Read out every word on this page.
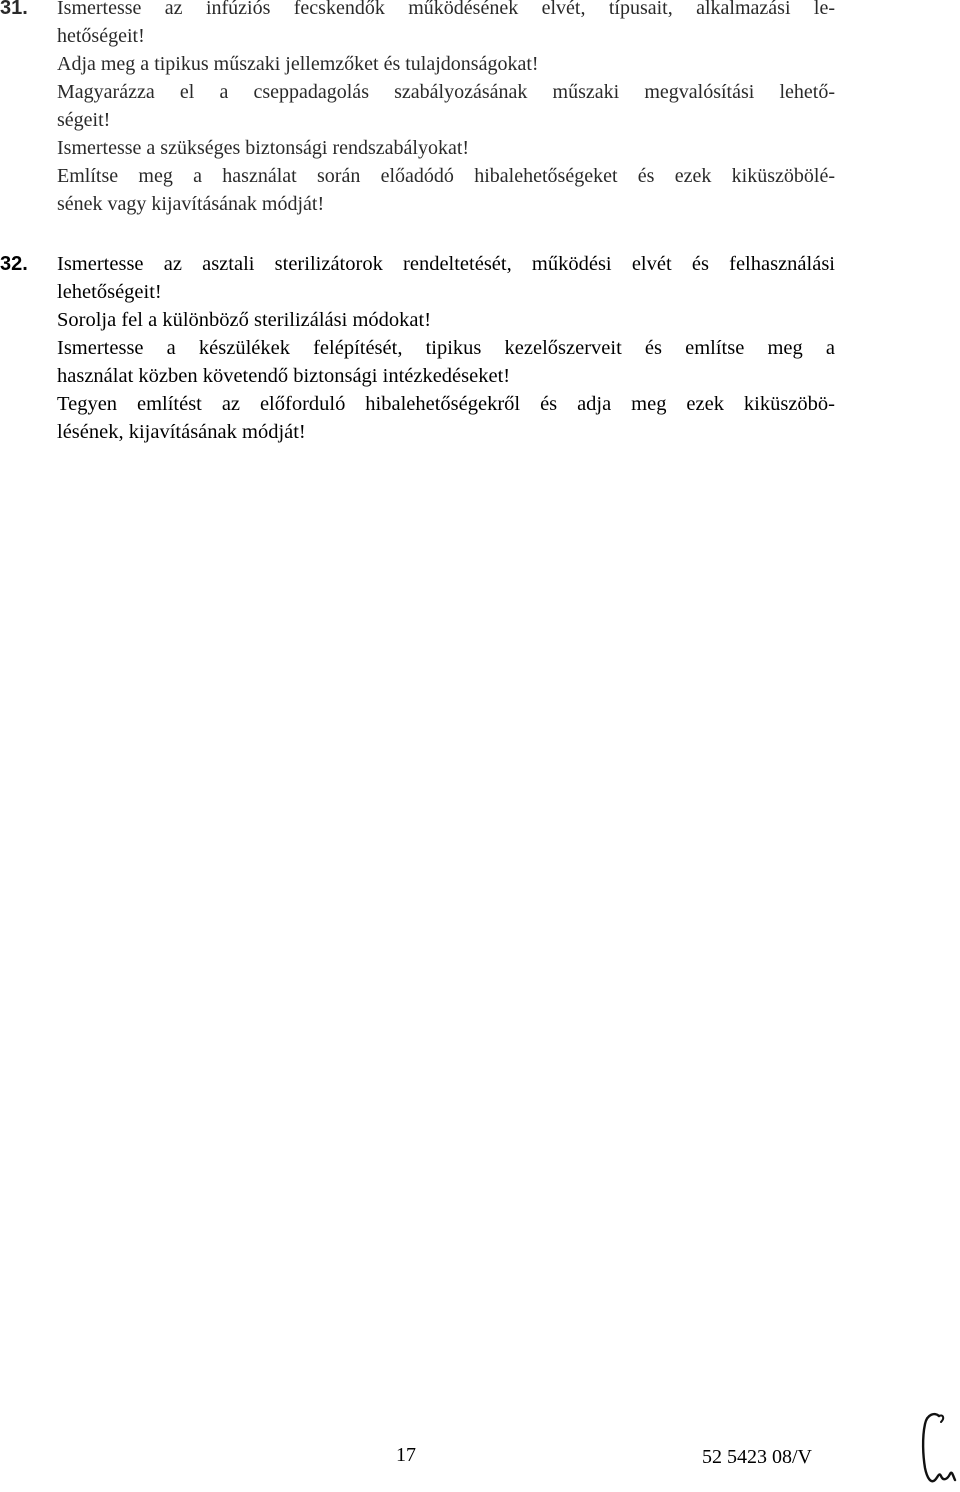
31. Ismertesse az infúziós fecskendők működésének elvét, típusait, alkalmazási le-
hetőségeit!
Adja meg a tipikus műszaki jellemzőket és tulajdonságokat!
Magyarázza el a cseppadagolás szabályozásának műszaki megvalósítási lehető-
ségeit!
Ismertesse a szükséges biztonsági rendszabályokat!
Említse meg a használat során előadódó hibalehetőségeket és ezek kiküszöbölé-
sének vagy kijavításának módját!
32. Ismertesse az asztali sterilizátorok rendeltetését, működési elvét és felhasználási
lehetőségeit!
Sorolja fel a különböző sterilizálási módokat!
Ismertesse a készülékek felépítését, tipikus kezelőszerveit és említse meg a
használat közben követendő biztonsági intézkedéseket!
Tegyen említést az előforduló hibalehetőségekről és adja meg ezek kiküszöbö-
lésének, kijavításának módját!
17	52 5423 08/V
